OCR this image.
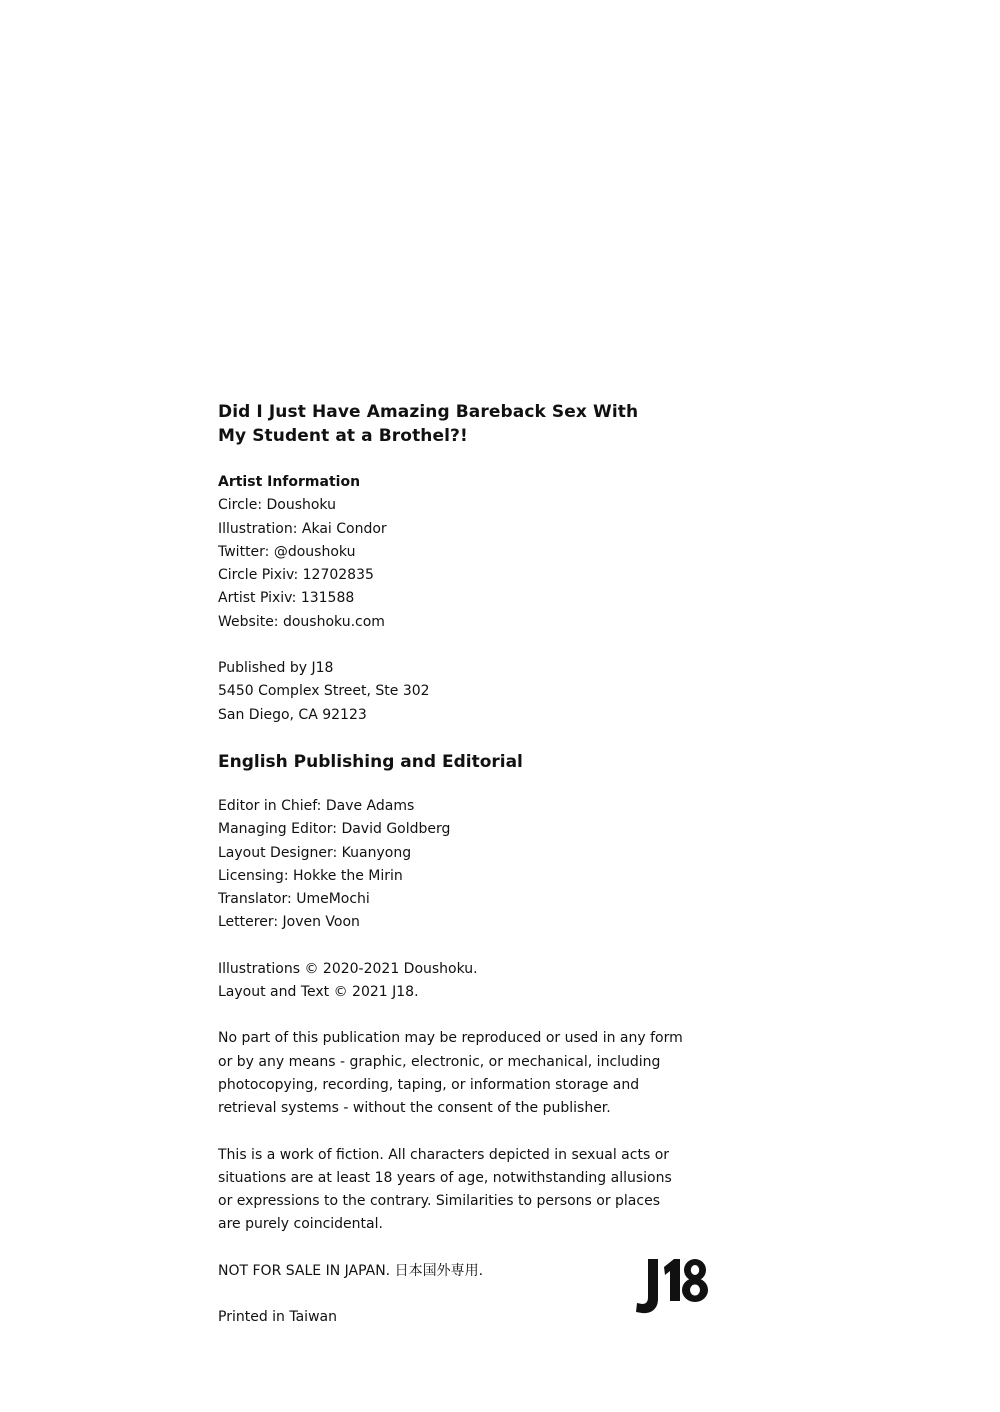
Did I Just Have Amazing Bareback Sex With
My Student at a Brothel?!
Artist Information
Circle: Doushoku
Illustration: Akai Condor
Twitter: @doushoku
Circle Pixiv: 12702835
Artist Pixiv: 131588
Website: doushoku.com
Published by J18
5450 Complex Street, Ste 302
San Diego, CA 92123
English Publishing and Editorial
Editor in Chief: Dave Adams
Managing Editor: David Goldberg
Layout Designer: Kuanyong
Licensing: Hokke the Mirin
Translator: UmeMochi
Letterer: Joven Voon
Illustrations © 2020-2021 Doushoku.
Layout and Text © 2021 J18.
No part of this publication may be reproduced or used in any form
or by any means - graphic, electronic, or mechanical, including
photocopying, recording, taping, or information storage and
retrieval systems - without the consent of the publisher.
This is a work of fiction. All characters depicted in sexual acts or
situations are at least 18 years of age, notwithstanding allusions
or expressions to the contrary. Similarities to persons or places
are purely coincidental.
NOT FOR SALE IN JAPAN. 日本国外専用.
Printed in Taiwan
